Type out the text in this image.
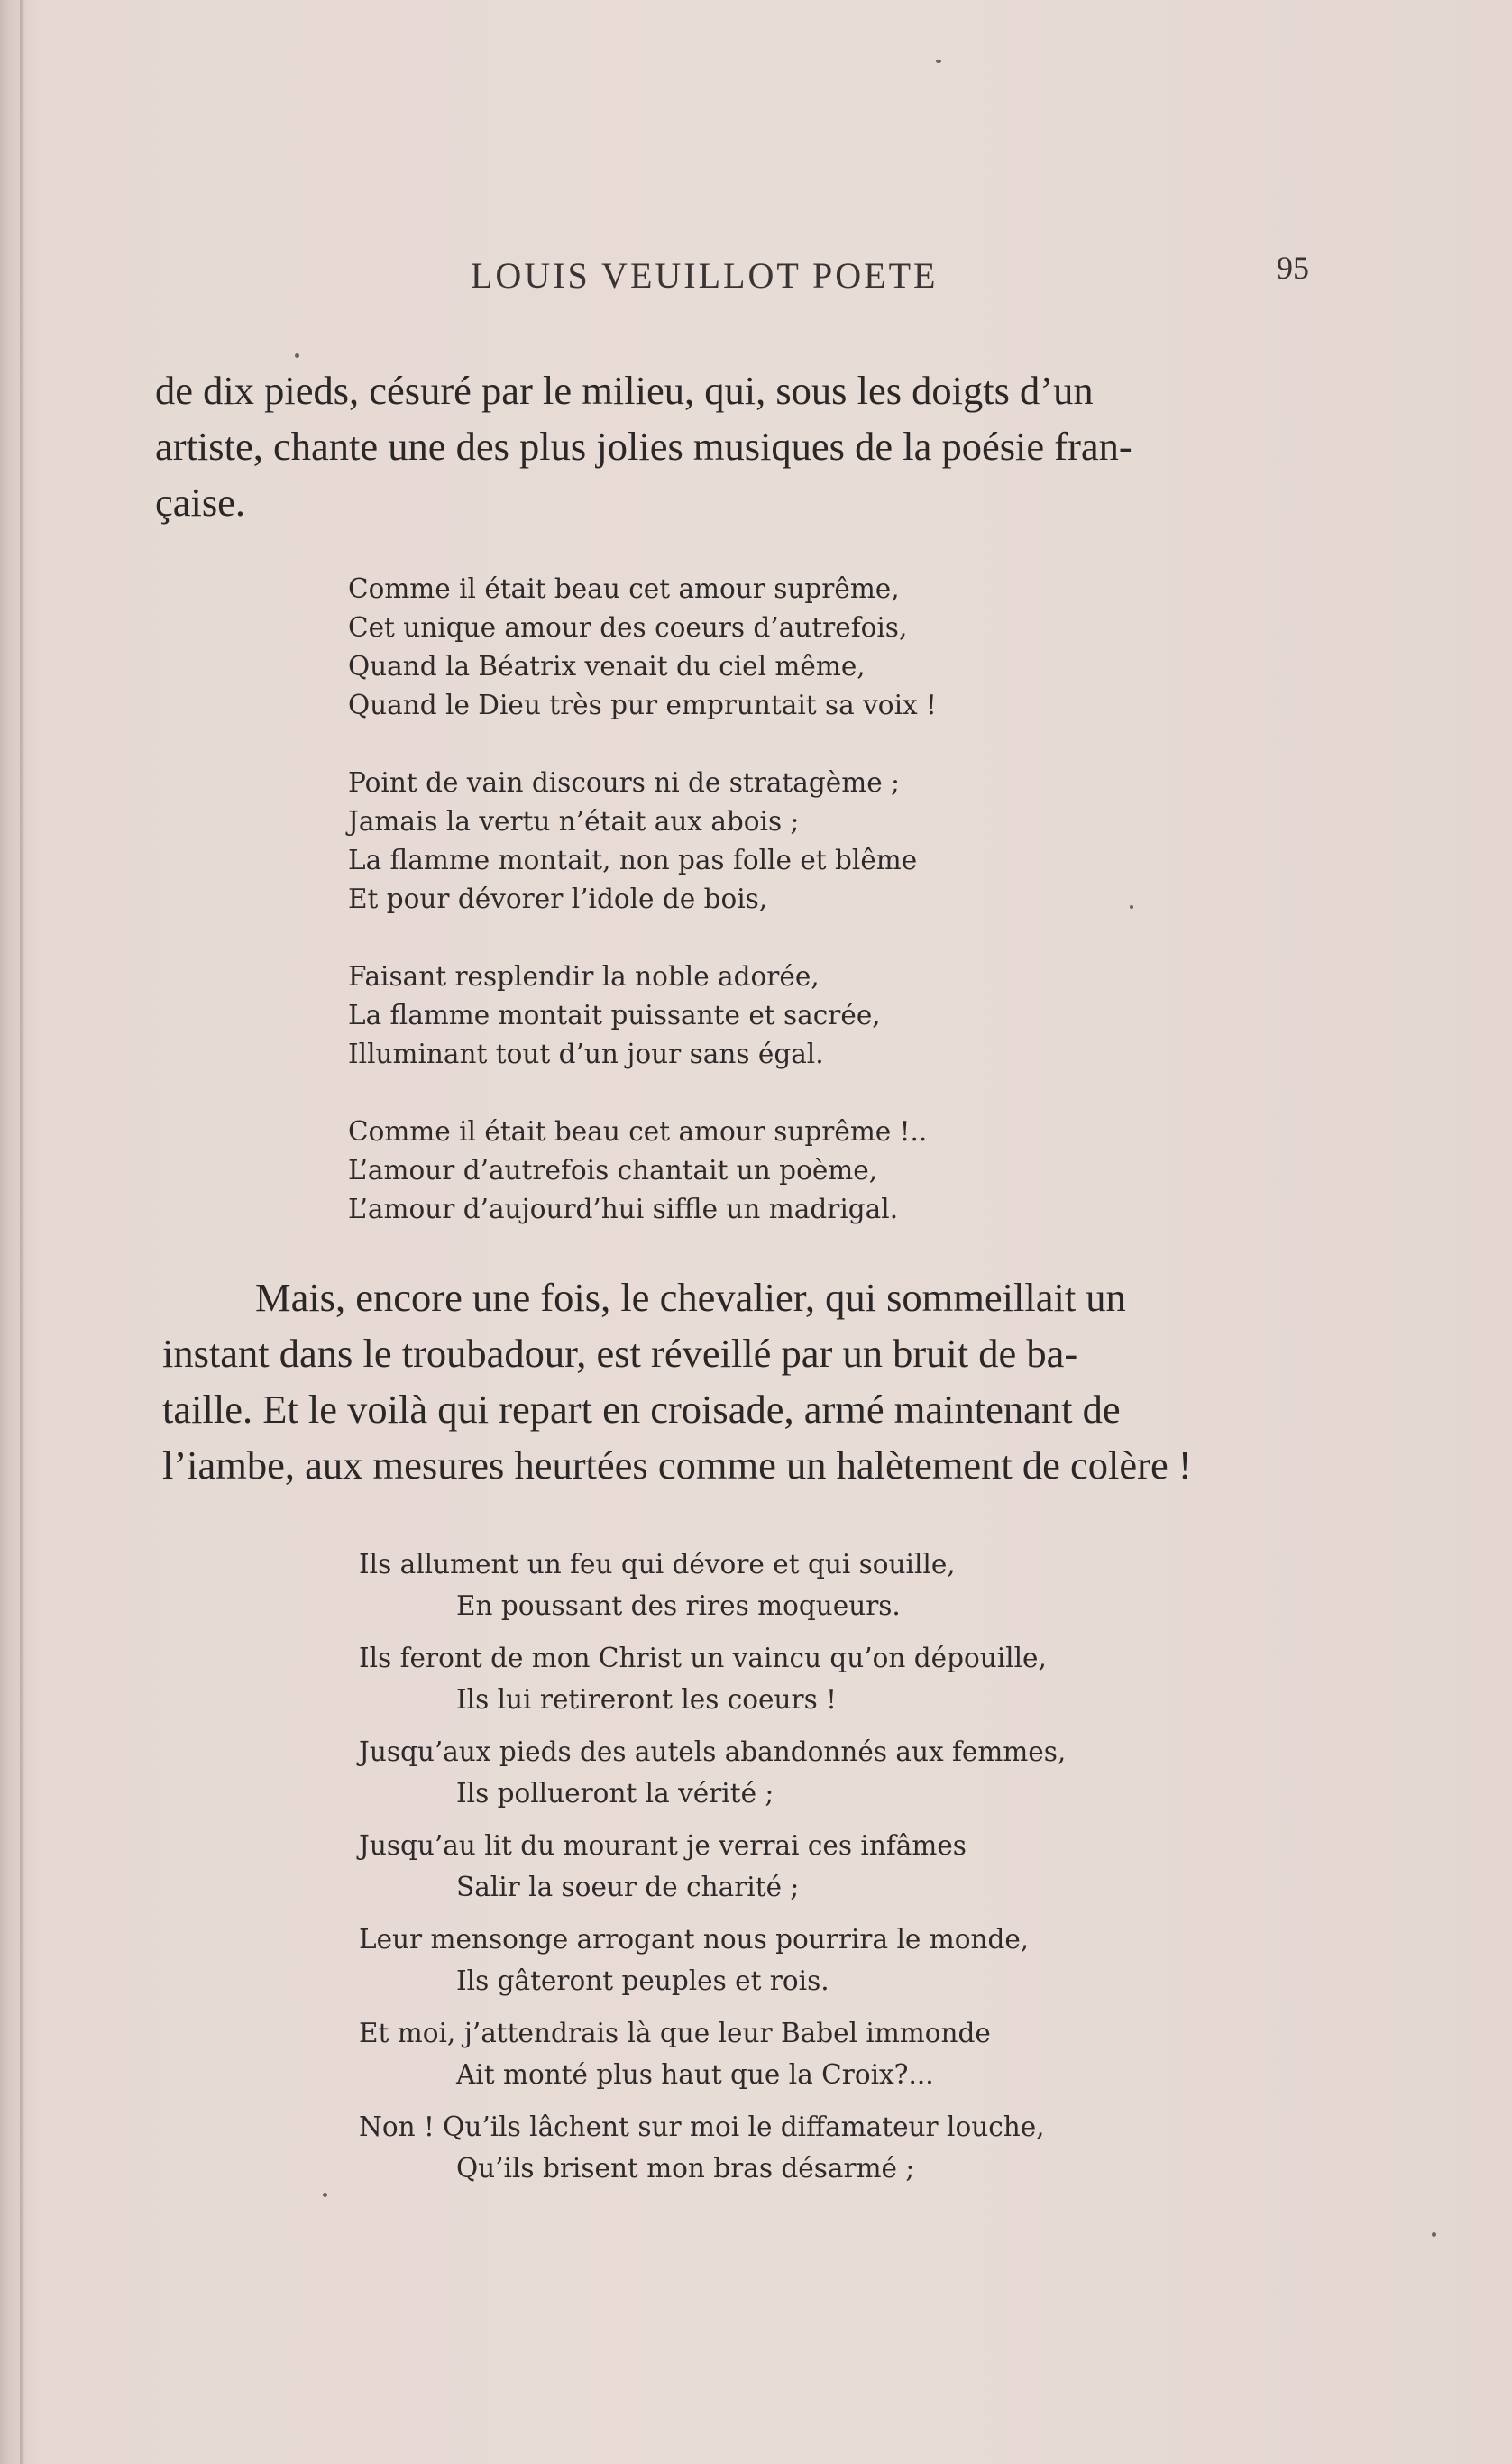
LOUIS VEUILLOT POETE	95
de dix pieds, césuré par le milieu, qui, sous les doigts d’un
artiste, chante une des plus jolies musiques de la poésie fran-
çaise.
Comme il était beau cet amour suprême,
Cet unique amour des coeurs d’autrefois,
Quand la Béatrix venait du ciel même,
Quand le Dieu très pur empruntait sa voix !
Point de vain discours ni de stratagème ;
Jamais la vertu n’était aux abois ;
La flamme montait, non pas folle et blême
Et pour dévorer l’idole de bois,
Faisant resplendir la noble adorée,
La flamme montait puissante et sacrée,
Illuminant tout d’un jour sans égal.
Comme il était beau cet amour suprême !..
L’amour d’autrefois chantait un poème,
L’amour d’aujourd’hui siffle un madrigal.
Mais, encore une fois, le chevalier, qui sommeillait un
instant dans le troubadour, est réveillé par un bruit de ba-
taille. Et le voilà qui repart en croisade, armé maintenant de
l’iambe, aux mesures heurtées comme un halètement de colère !
Ils allument un feu qui dévore et qui souille,
En poussant des rires moqueurs.
Ils feront de mon Christ un vaincu qu’on dépouille,
Ils lui retireront les coeurs !
Jusqu’aux pieds des autels abandonnés aux femmes,
Ils pollueront la vérité ;
Jusqu’au lit du mourant je verrai ces infâmes
Salir la soeur de charité ;
Leur mensonge arrogant nous pourrira le monde,
Ils gâteront peuples et rois.
Et moi, j’attendrais là que leur Babel immonde
Ait monté plus haut que la Croix?...
Non ! Qu’ils lâchent sur moi le diffamateur louche,
Qu’ils brisent mon bras désarmé ;
